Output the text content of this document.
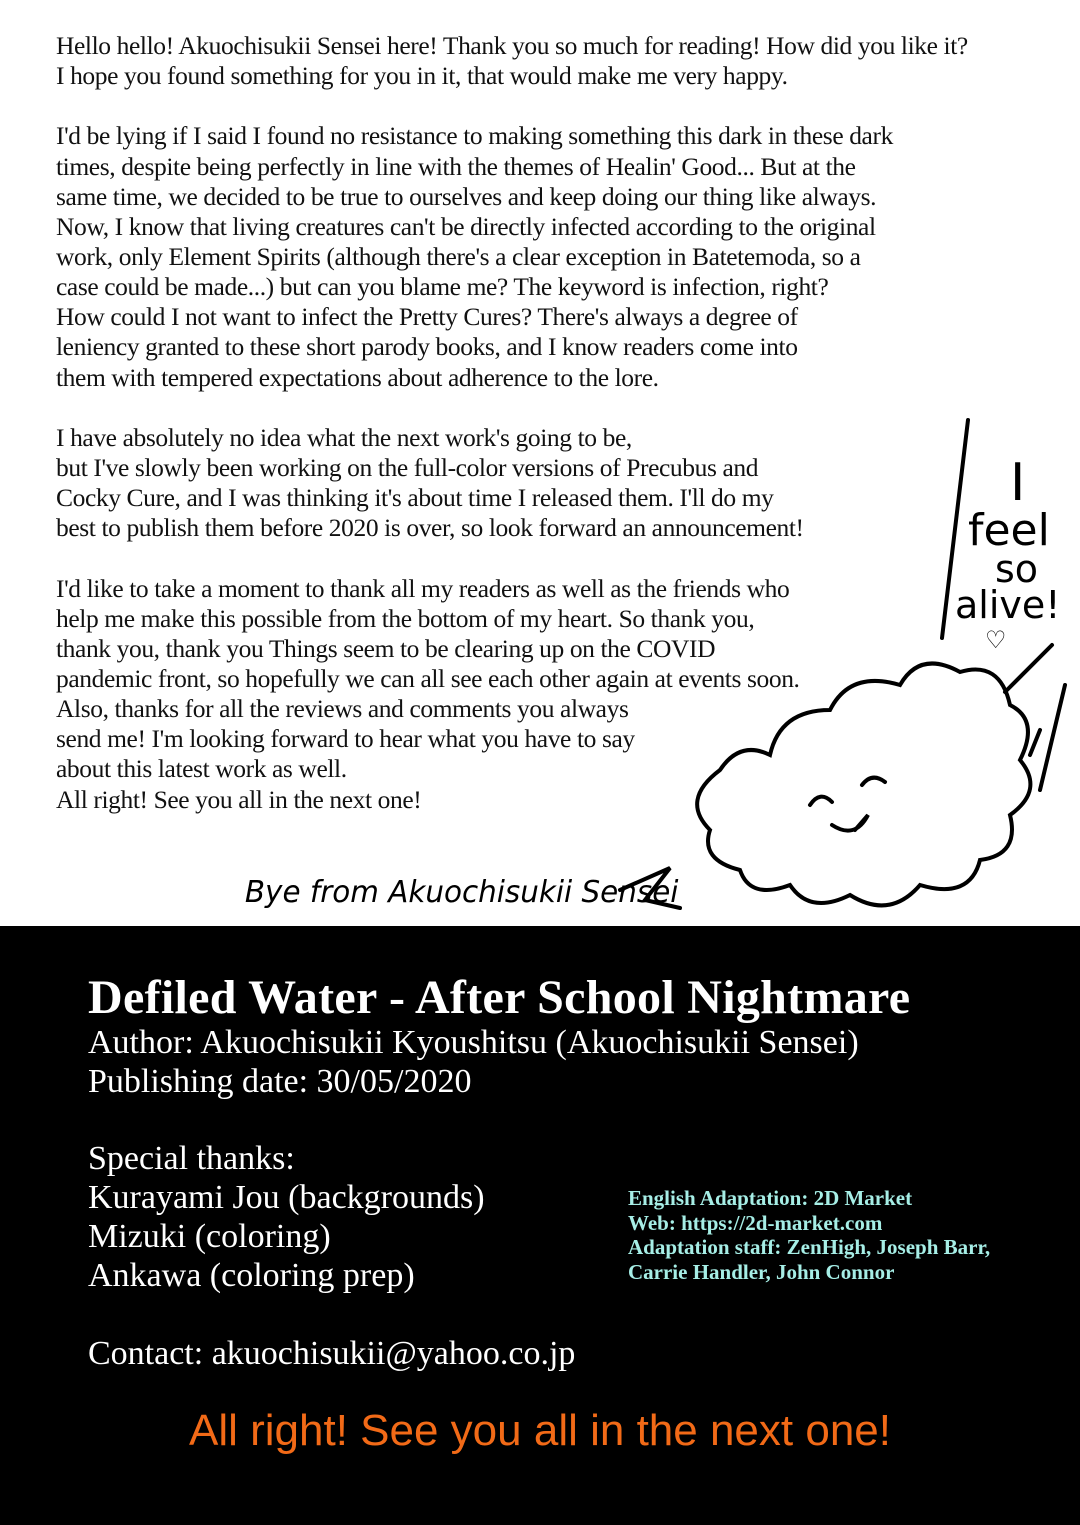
Hello hello! Akuochisukii Sensei here! Thank you so much for reading! How did you like it?
I hope you found something for you in it, that would make me very happy.
I'd be lying if I said I found no resistance to making something this dark in these dark
times, despite being perfectly in line with the themes of Healin' Good... But at the
same time, we decided to be true to ourselves and keep doing our thing like always.
Now, I know that living creatures can't be directly infected according to the original
work, only Element Spirits (although there's a clear exception in Batetemoda, so a
case could be made...) but can you blame me? The keyword is infection, right?
How could I not want to infect the Pretty Cures? There's always a degree of
leniency granted to these short parody books, and I know readers come into
them with tempered expectations about adherence to the lore.
I have absolutely no idea what the next work's going to be,
but I've slowly been working on the full-color versions of Precubus and
Cocky Cure, and I was thinking it's about time I released them. I'll do my
best to publish them before 2020 is over, so look forward an announcement!
I'd like to take a moment to thank all my readers as well as the friends who
help me make this possible from the bottom of my heart. So thank you,
thank you, thank you Things seem to be clearing up on the COVID
pandemic front, so hopefully we can all see each other again at events soon.
Also, thanks for all the reviews and comments you always
send me! I'm looking forward to hear what you have to say
about this latest work as well.
All right! See you all in the next one!
I
feel
so
alive!
♡
Bye from Akuochisukii Sensei
Defiled Water - After School Nightmare
Author: Akuochisukii Kyoushitsu (Akuochisukii Sensei)
Publishing date: 30/05/2020
Special thanks:
Kurayami Jou (backgrounds)
Mizuki (coloring)
Ankawa (coloring prep)
Contact: akuochisukii@yahoo.co.jp
English Adaptation: 2D Market
Web: https://2d-market.com
Adaptation staff: ZenHigh, Joseph Barr,
Carrie Handler, John Connor
All right! See you all in the next one!
